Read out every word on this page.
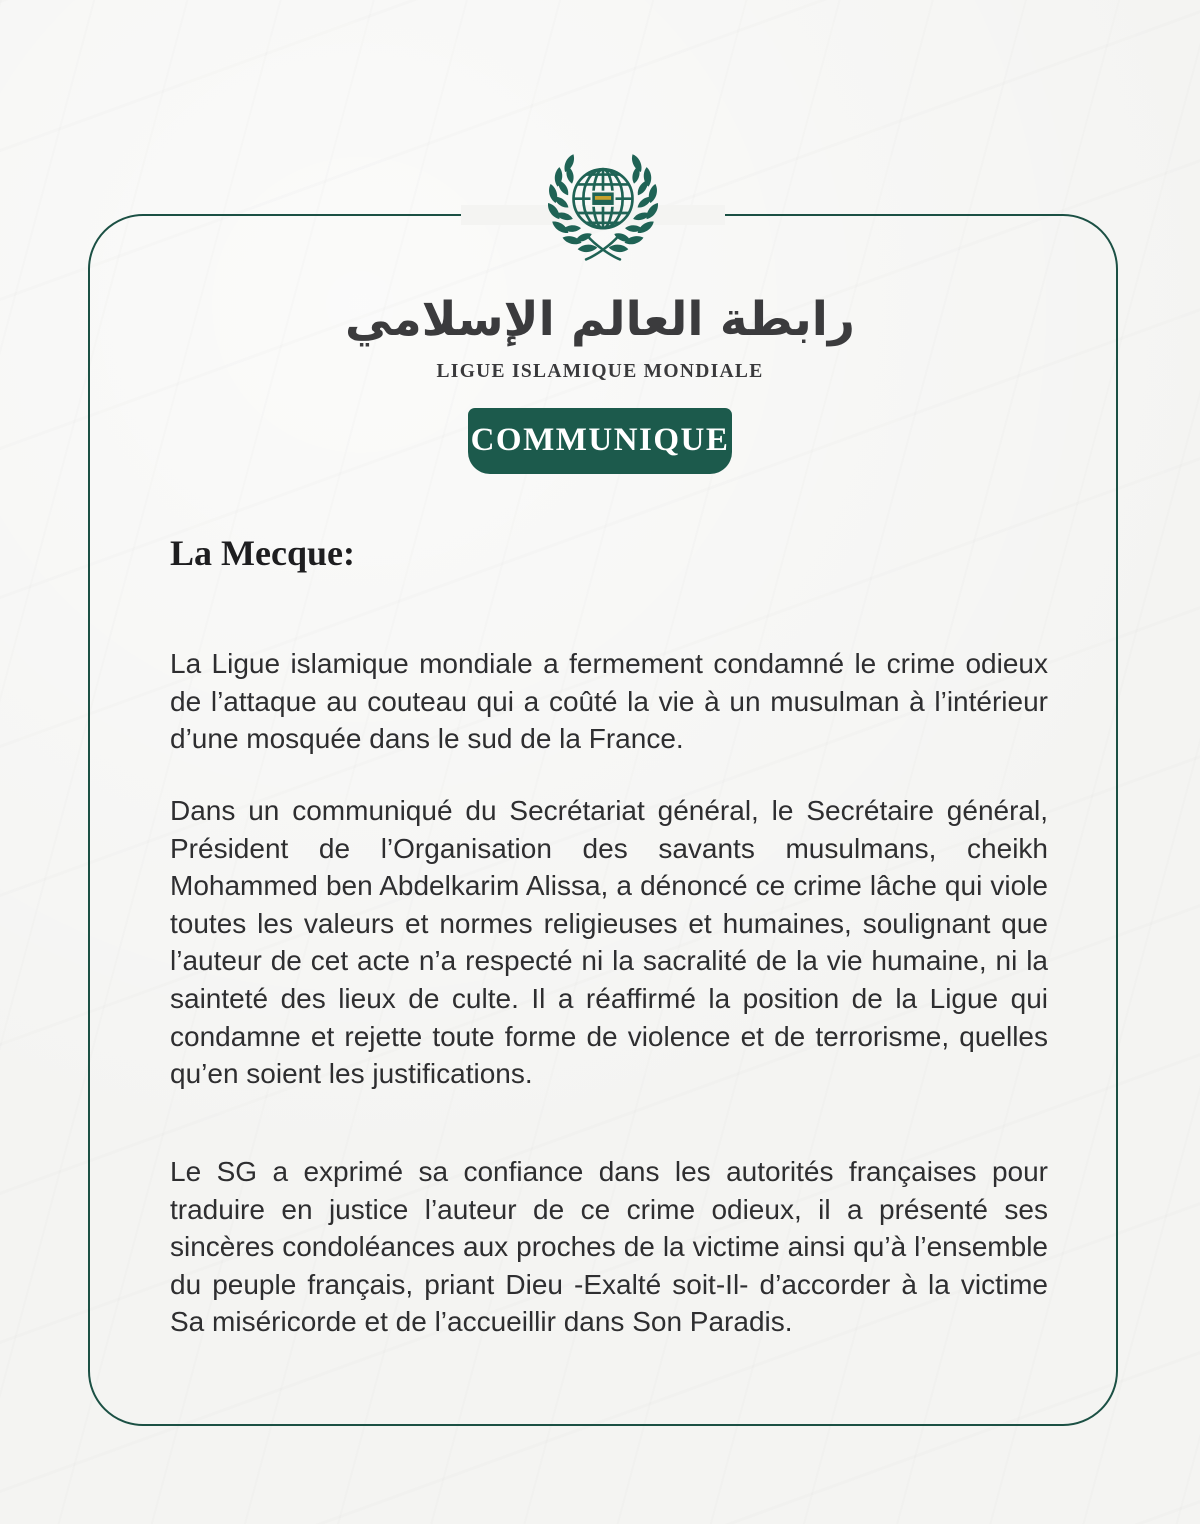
رابطة العالم الإسلامي
LIGUE ISLAMIQUE MONDIALE
COMMUNIQUE
La Mecque:

La Ligue islamique mondiale a fermement condamné le crime odieux de l’attaque au couteau qui a coûté la vie à un musulman à l’intérieur d’une mosquée dans le sud de la France.

Dans un communiqué du Secrétariat général, le Secrétaire général, Président de l’Organisation des savants musulmans, cheikh Mohammed ben Abdelkarim Alissa, a dénoncé ce crime lâche qui viole toutes les valeurs et normes religieuses et humaines, soulignant que l’auteur de cet acte n’a respecté ni la sacralité de la vie humaine, ni la sainteté des lieux de culte. Il a réaffirmé la position de la Ligue qui condamne et rejette toute forme de violence et de terrorisme, quelles qu’en soient les justifications.

Le SG a exprimé sa confiance dans les autorités françaises pour traduire en justice l’auteur de ce crime odieux, il a présenté ses sincères condoléances aux proches de la victime ainsi qu’à l’ensemble du peuple français, priant Dieu -Exalté soit-Il- d’accorder à la victime Sa miséricorde et de l’accueillir dans Son Paradis.
